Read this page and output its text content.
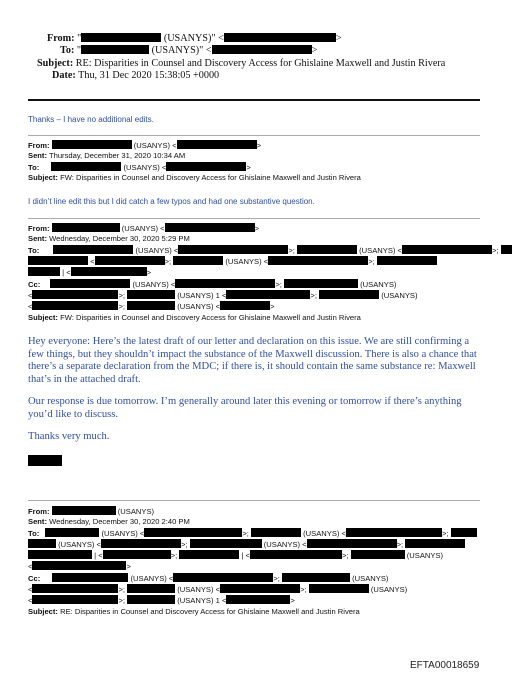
From: "	(USANYS)" <	>
To: "	(USANYS)" <	>
Subject: RE: Disparities in Counsel and Discovery Access for Ghislaine Maxwell and Justin Rivera
Date: Thu, 31 Dec 2020 15:38:05 +0000
Thanks – I have no additional edits.
From:	(USANYS) <	>
Sent: Thursday, December 31, 2020 10:34 AM
To:	(USANYS) <	>
Subject: FW: Disparities in Counsel and Discovery Access for Ghislaine Maxwell and Justin Rivera
I didn’t line edit this but I did catch a few typos and had one substantive question.
From:	(USANYS) <	>
Sent: Wednesday, December 30, 2020 5:29 PM
To:	(USANYS) <	>;	(USANYS) <	>;
<	>;	(USANYS) <	>;
| <	>
Cc:	(USANYS) <	>;	(USANYS)
<	>;	(USANYS) 1 <	>;	(USANYS)
<	>;	(USANYS) <	>
Subject: FW: Disparities in Counsel and Discovery Access for Ghislaine Maxwell and Justin Rivera
Hey everyone: Here’s the latest draft of our letter and declaration on this issue. We are still confirming a few things, but they shouldn’t impact the substance of the Maxwell discussion. There is also a chance that there’s a separate declaration from the MDC; if there is, it should contain the same substance re: Maxwell that’s in the attached draft.
Our response is due tomorrow. I’m generally around later this evening or tomorrow if there’s anything you’d like to discuss.
Thanks very much.
From:	(USANYS)
Sent: Wednesday, December 30, 2020 2:40 PM
To:	(USANYS) <	>;	(USANYS) <	>;
(USANYS) <	>;	(USANYS) <	>;
| <	>;	| <	>;	(USANYS)
<	>
Cc:	(USANYS) <	>;	(USANYS)
<	>;	(USANYS) <	>;	(USANYS)
<	>;	(USANYS) 1 <	>
Subject: RE: Disparities in Counsel and Discovery Access for Ghislaine Maxwell and Justin Rivera
EFTA00018659
